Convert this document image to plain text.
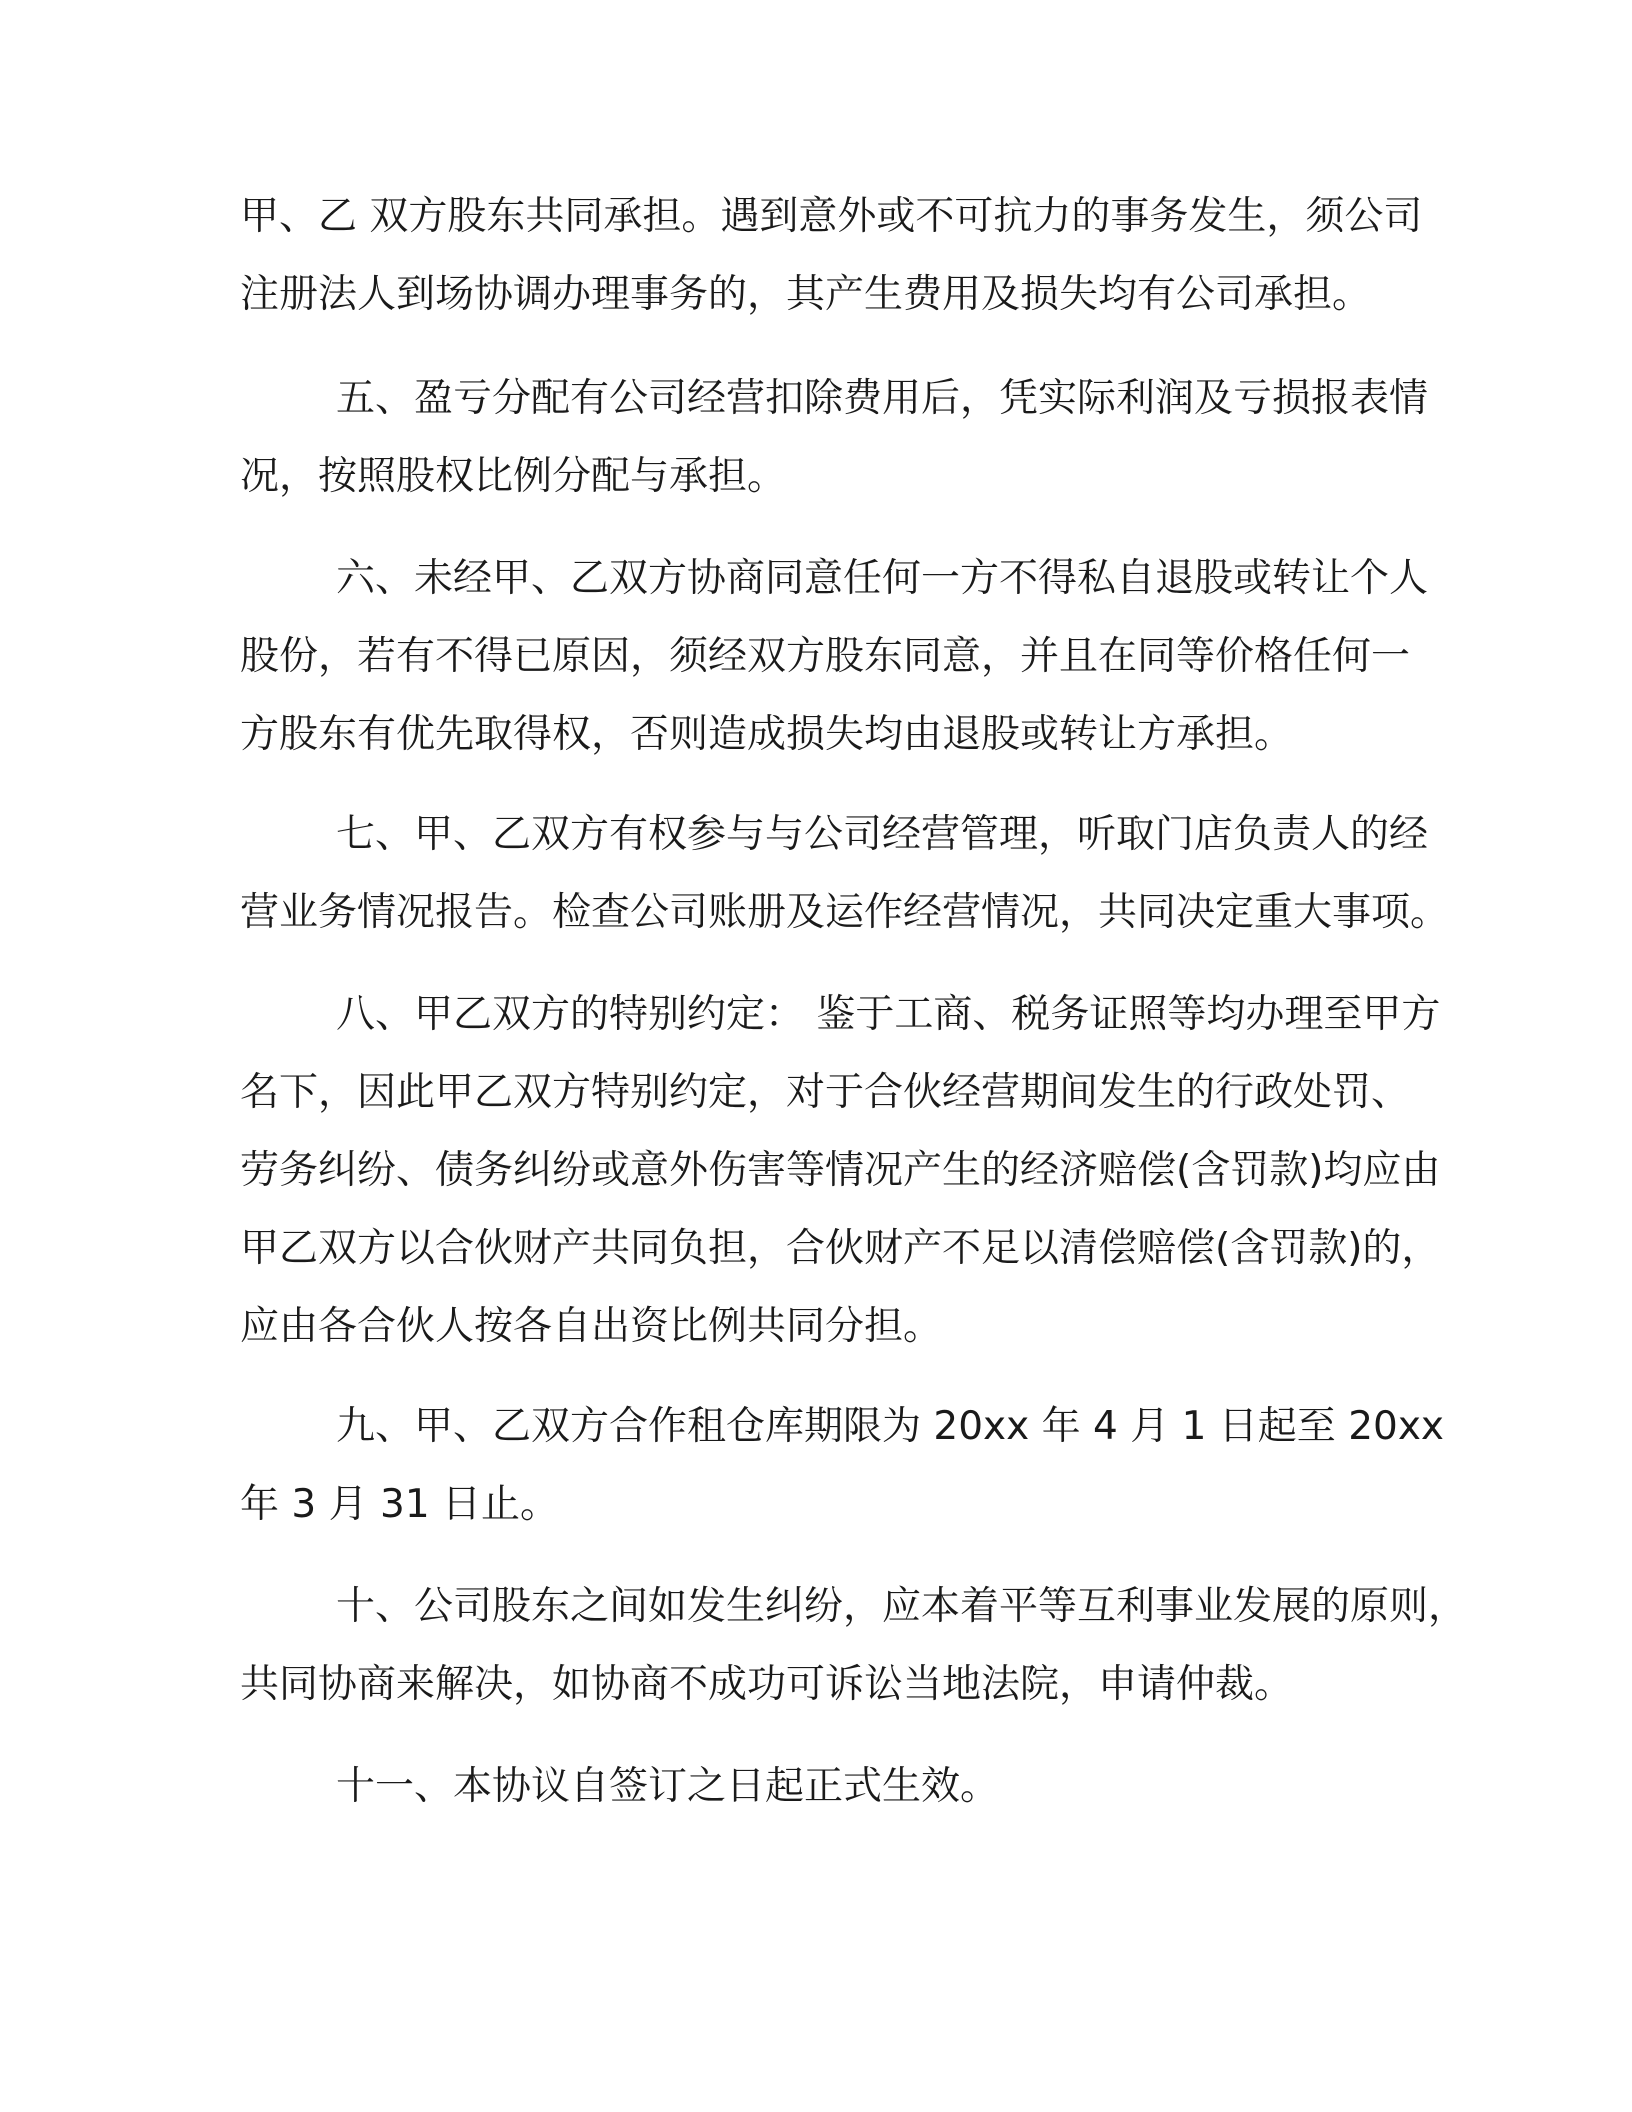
甲、乙 双方股东共同承担。遇到意外或不可抗力的事务发生，须公司
注册法人到场协调办理事务的，其产生费用及损失均有公司承担。
五、盈亏分配有公司经营扣除费用后，凭实际利润及亏损报表情
况，按照股权比例分配与承担。
六、未经甲、乙双方协商同意任何一方不得私自退股或转让个人
股份，若有不得已原因，须经双方股东同意，并且在同等价格任何一
方股东有优先取得权，否则造成损失均由退股或转让方承担。
七、甲、乙双方有权参与与公司经营管理，听取门店负责人的经
营业务情况报告。检查公司账册及运作经营情况，共同决定重大事项。
八、甲乙双方的特别约定： 鉴于工商、税务证照等均办理至甲方
名下，因此甲乙双方特别约定，对于合伙经营期间发生的行政处罚、
劳务纠纷、债务纠纷或意外伤害等情况产生的经济赔偿(含罚款)均应由
甲乙双方以合伙财产共同负担，合伙财产不足以清偿赔偿(含罚款)的，
应由各合伙人按各自出资比例共同分担。
九、甲、乙双方合作租仓库期限为 20xx 年 4 月 1 日起至 20xx
年 3 月 31 日止。
十、公司股东之间如发生纠纷，应本着平等互利事业发展的原则，
共同协商来解决，如协商不成功可诉讼当地法院，申请仲裁。
十一、本协议自签订之日起正式生效。
